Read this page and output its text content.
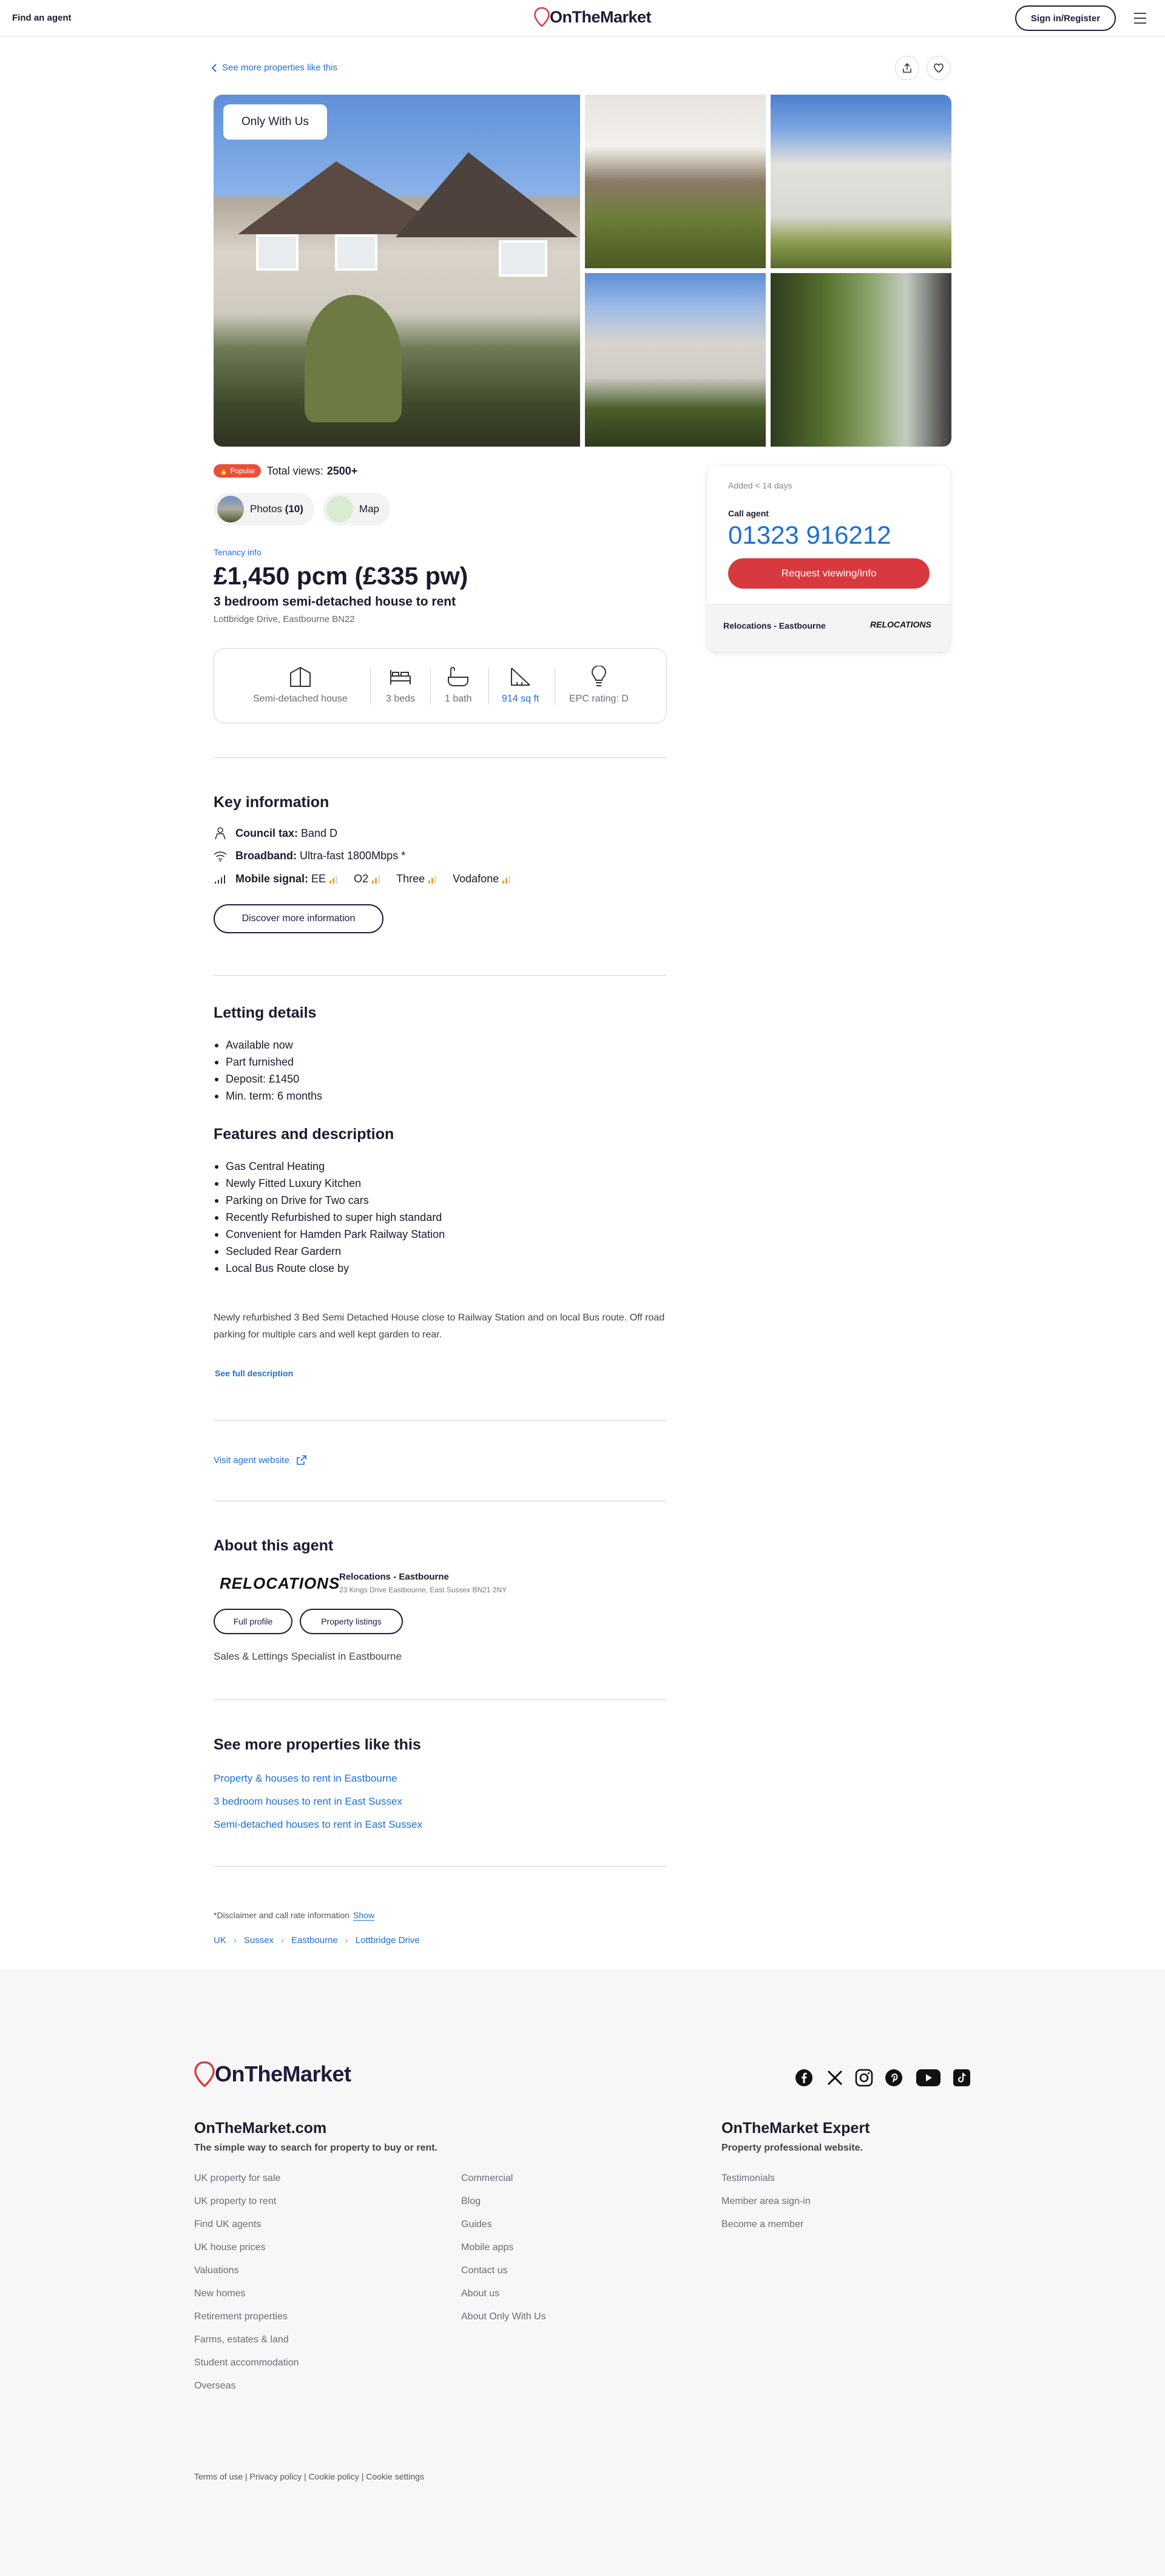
Find an agent	OnTheMarket	Sign in/Register
See more properties like this
Only With Us
🔥 Popular	Total views: 2500+
Photos (10)	Map
Tenancy info
£1,450 pcm (£335 pw)
3 bedroom semi-detached house to rent
Lottbridge Drive, Eastbourne BN22
Semi-detached house	3 beds	1 bath	914 sq ft	EPC rating: D
Key information
Council tax: Band D
Broadband: Ultra-fast 1800Mbps *
Mobile signal: EE
	O2
	Three
	Vodafone
Discover more information
Letting details
Available now
Part furnished
Deposit: £1450
Min. term: 6 months
Features and description
Gas Central Heating
Newly Fitted Luxury Kitchen
Parking on Drive for Two cars
Recently Refurbished to super high standard
Convenient for Hamden Park Railway Station
Secluded Rear Gardern
Local Bus Route close by

Newly refurbished 3 Bed Semi Detached House close to Railway Station and on local Bus route. Off road parking for multiple cars and well kept garden to rear.

See full description
Visit agent website
About this agent
RELOCATIONS
Relocations - Eastbourne
23 Kings Drive Eastbourne, East Sussex BN21 2NY
Full profile	Property listings
Sales & Lettings Specialist in Eastbourne
See more properties like this
Property & houses to rent in Eastbourne
3 bedroom houses to rent in East Sussex
Semi-detached houses to rent in East Sussex
*Disclaimer and call rate information Show
UK › Sussex › Eastbourne › Lottbridge Drive
Added < 14 days
Call agent
01323 916212
Request viewing/info
Relocations - Eastbourne	RELOCATIONS
OnTheMarket
OnTheMarket.com
The simple way to search for property to buy or rent.
UK property for sale
UK property to rent
Find UK agents
UK house prices
Valuations
New homes
Retirement properties
Farms, estates & land
Student accommodation
Overseas
Commercial
Blog
Guides
Mobile apps
Contact us
About us
About Only With Us
OnTheMarket Expert
Property professional website.
Testimonials
Member area sign-in
Become a member
Terms of use | Privacy policy | Cookie policy | Cookie settings
